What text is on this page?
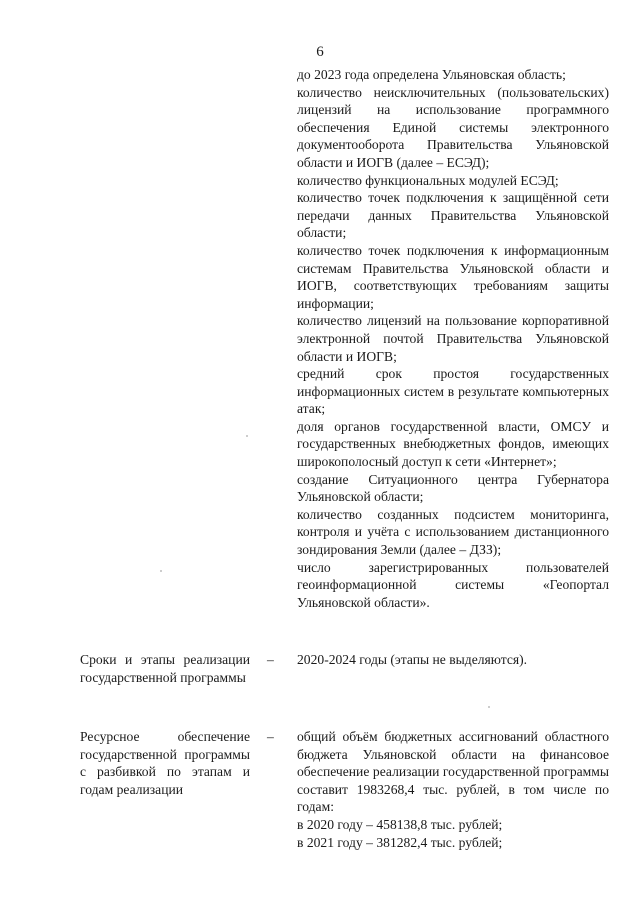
6

до 2023 года определена Ульяновская область;

количество неисключительных (пользовательских) лицензий на использование программного обеспечения Единой системы электронного документооборота Правительства Ульяновской области и ИОГВ (далее – ЕСЭД);

количество функциональных модулей ЕСЭД;

количество точек подключения к защищённой сети передачи данных Правительства Ульяновской области;

количество точек подключения к информационным системам Правительства Ульяновской области и ИОГВ, соответствующих требованиям защиты информации;

количество лицензий на пользование корпоративной электронной почтой Правительства Ульяновской области и ИОГВ;

средний срок простоя государственных информационных систем в результате компьютерных атак;

доля органов государственной власти, ОМСУ и государственных внебюджетных фондов, имеющих широкополосный доступ к сети «Интернет»;

создание Ситуационного центра Губернатора Ульяновской области;

количество созданных подсистем мониторинга, контроля и учёта с использованием дистанционного зондирования Земли (далее – ДЗЗ);

число зарегистрированных пользователей геоинформационной системы «Геопортал Ульяновской области».

Сроки и этапы реализации государственной программы
– 2020-2024 годы (этапы не выделяются).

Ресурсное обеспечение государственной программы с разбивкой по этапам и годам реализации
– общий объём бюджетных ассигнований областного бюджета Ульяновской области на финансовое обеспечение реализации государственной программы составит 1983268,4 тыс. рублей, в том числе по годам:

в 2020 году – 458138,8 тыс. рублей;

в 2021 году – 381282,4 тыс. рублей;
